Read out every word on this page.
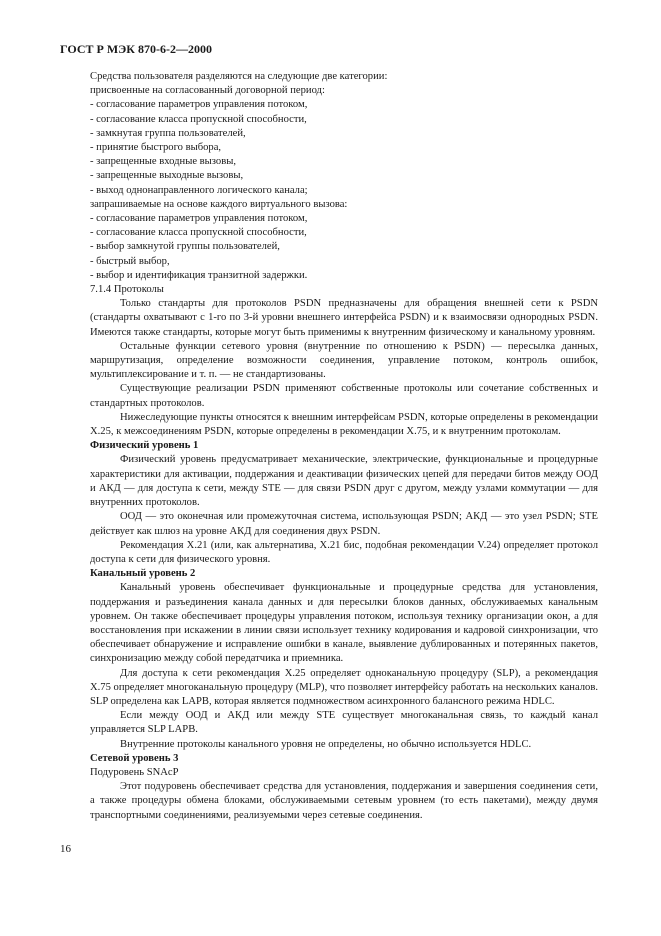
ГОСТ Р МЭК 870-6-2—2000

Средства пользователя разделяются на следующие две категории:

присвоенные на согласованный договорной период:

- согласование параметров управления потоком,

- согласование класса пропускной способности,

- замкнутая группа пользователей,

- принятие быстрого выбора,

- запрещенные входные вызовы,

- запрещенные выходные вызовы,

- выход однонаправленного логического канала;

запрашиваемые на основе каждого виртуального вызова:

- согласование параметров управления потоком,

- согласование класса пропускной способности,

- выбор замкнутой группы пользователей,

- быстрый выбор,

- выбор и идентификация транзитной задержки.

7.1.4 Протоколы

Только стандарты для протоколов PSDN предназначены для обращения внешней сети к PSDN (стандарты охватывают с 1-го по 3-й уровни внешнего интерфейса PSDN) и к взаимосвязи однородных PSDN. Имеются также стандарты, которые могут быть применимы к внутренним физическому и канальному уровням.

Остальные функции сетевого уровня (внутренние по отношению к PSDN) — пересылка данных, маршрутизация, определение возможности соединения, управление потоком, контроль ошибок, мультиплексирование и т. п. — не стандартизованы.

Существующие реализации PSDN применяют собственные протоколы или сочетание собственных и стандартных протоколов.

Нижеследующие пункты относятся к внешним интерфейсам PSDN, которые определены в рекомендации X.25, к межсоединениям PSDN, которые определены в рекомендации X.75, и к внутренним протоколам.

Физический уровень 1

Физический уровень предусматривает механические, электрические, функциональные и процедурные характеристики для активации, поддержания и деактивации физических цепей для передачи битов между ООД и АКД — для доступа к сети, между STE — для связи PSDN друг с другом, между узлами коммутации — для внутренних протоколов.

ООД — это оконечная или промежуточная система, использующая PSDN; АКД — это узел PSDN; STE действует как шлюз на уровне АКД для соединения двух PSDN.

Рекомендация X.21 (или, как альтернатива, X.21 бис, подобная рекомендации V.24) определяет протокол доступа к сети для физического уровня.

Канальный уровень 2

Канальный уровень обеспечивает функциональные и процедурные средства для установления, поддержания и разъединения канала данных и для пересылки блоков данных, обслуживаемых канальным уровнем. Он также обеспечивает процедуры управления потоком, используя технику организации окон, а для восстановления при искажении в линии связи использует технику кодирования и кадровой синхронизации, что обеспечивает обнаружение и исправление ошибки в канале, выявление дублированных и потерянных пакетов, синхронизацию между собой передатчика и приемника.

Для доступа к сети рекомендация X.25 определяет одноканальную процедуру (SLP), а рекомендация X.75 определяет многоканальную процедуру (MLP), что позволяет интерфейсу работать на нескольких каналов. SLP определена как LAPB, которая является подмножеством асинхронного балансного режима HDLC.

Если между ООД и АКД или между STE существует многоканальная связь, то каждый канал управляется SLP LAPB.

Внутренние протоколы канального уровня не определены, но обычно используется HDLC.

Сетевой уровень 3

Подуровень SNAcP

Этот подуровень обеспечивает средства для установления, поддержания и завершения соединения сети, а также процедуры обмена блоками, обслуживаемыми сетевым уровнем (то есть пакетами), между двумя транспортными соединениями, реализуемыми через сетевые соединения.

16
